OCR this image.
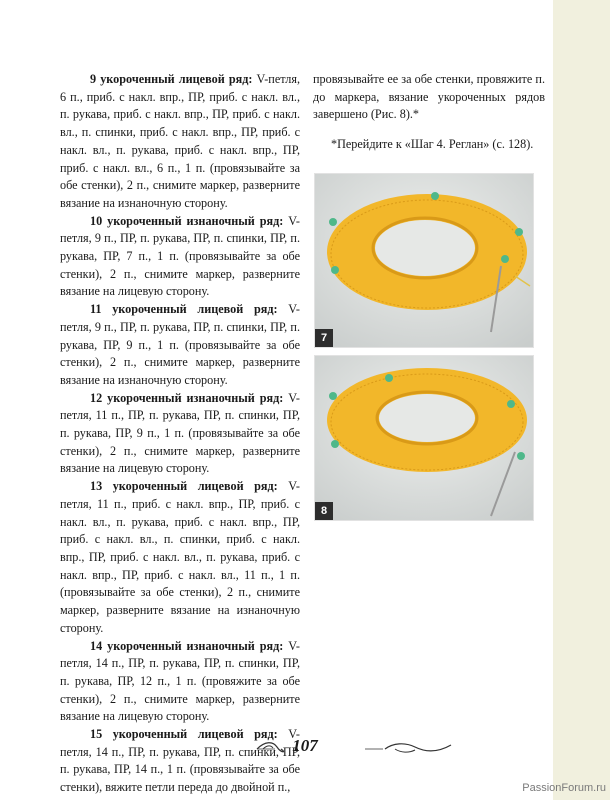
9 укороченный лицевой ряд: V-петля, 6 п., приб. с накл. впр., ПР, приб. с накл. вл., п. рукава, приб. с накл. впр., ПР, приб. с накл. вл., п. спинки, приб. с накл. впр., ПР, приб. с накл. вл., п. рукава, приб. с накл. впр., ПР, приб. с накл. вл., 6 п., 1 п. (провязывайте за обе стенки), 2 п., снимите маркер, разверните вязание на изнаночную сторону.

10 укороченный изнаночный ряд: V-петля, 9 п., ПР, п. рукава, ПР, п. спинки, ПР, п. рукава, ПР, 7 п., 1 п. (провязывайте за обе стенки), 2 п., снимите маркер, разверните вязание на лицевую сторону.

11 укороченный лицевой ряд: V-петля, 9 п., ПР, п. рукава, ПР, п. спинки, ПР, п. рукава, ПР, 9 п., 1 п. (провязывайте за обе стенки), 2 п., снимите маркер, разверните вязание на изнаночную сторону.

12 укороченный изнаночный ряд: V-петля, 11 п., ПР, п. рукава, ПР, п. спинки, ПР, п. рукава, ПР, 9 п., 1 п. (провязывайте за обе стенки), 2 п., снимите маркер, разверните вязание на лицевую сторону.

13 укороченный лицевой ряд: V-петля, 11 п., приб. с накл. впр., ПР, приб. с накл. вл., п. рукава, приб. с накл. впр., ПР, приб. с накл. вл., п. спинки, приб. с накл. впр., ПР, приб. с накл. вл., п. рукава, приб. с накл. впр., ПР, приб. с накл. вл., 11 п., 1 п. (провязывайте за обе стенки), 2 п., снимите маркер, разверните вязание на изнаночную сторону.

14 укороченный изнаночный ряд: V-петля, 14 п., ПР, п. рукава, ПР, п. спинки, ПР, п. рукава, ПР, 12 п., 1 п. (провяжите за обе стенки), 2 п., снимите маркер, разверните вязание на лицевую сторону.

15 укороченный лицевой ряд: V-петля, 14 п., ПР, п. рукава, ПР, п. спинки, ПР, п. рукава, ПР, 14 п., 1 п. (провязывайте за обе стенки), вяжите петли переда до двойной п.,

провязывайте ее за обе стенки, провяжите п. до маркера, вязание укороченных рядов завершено (Рис. 8).*

*Перейдите к «Шаг 4. Реглан» (с. 128).

7
8
107
PassionForum.ru
